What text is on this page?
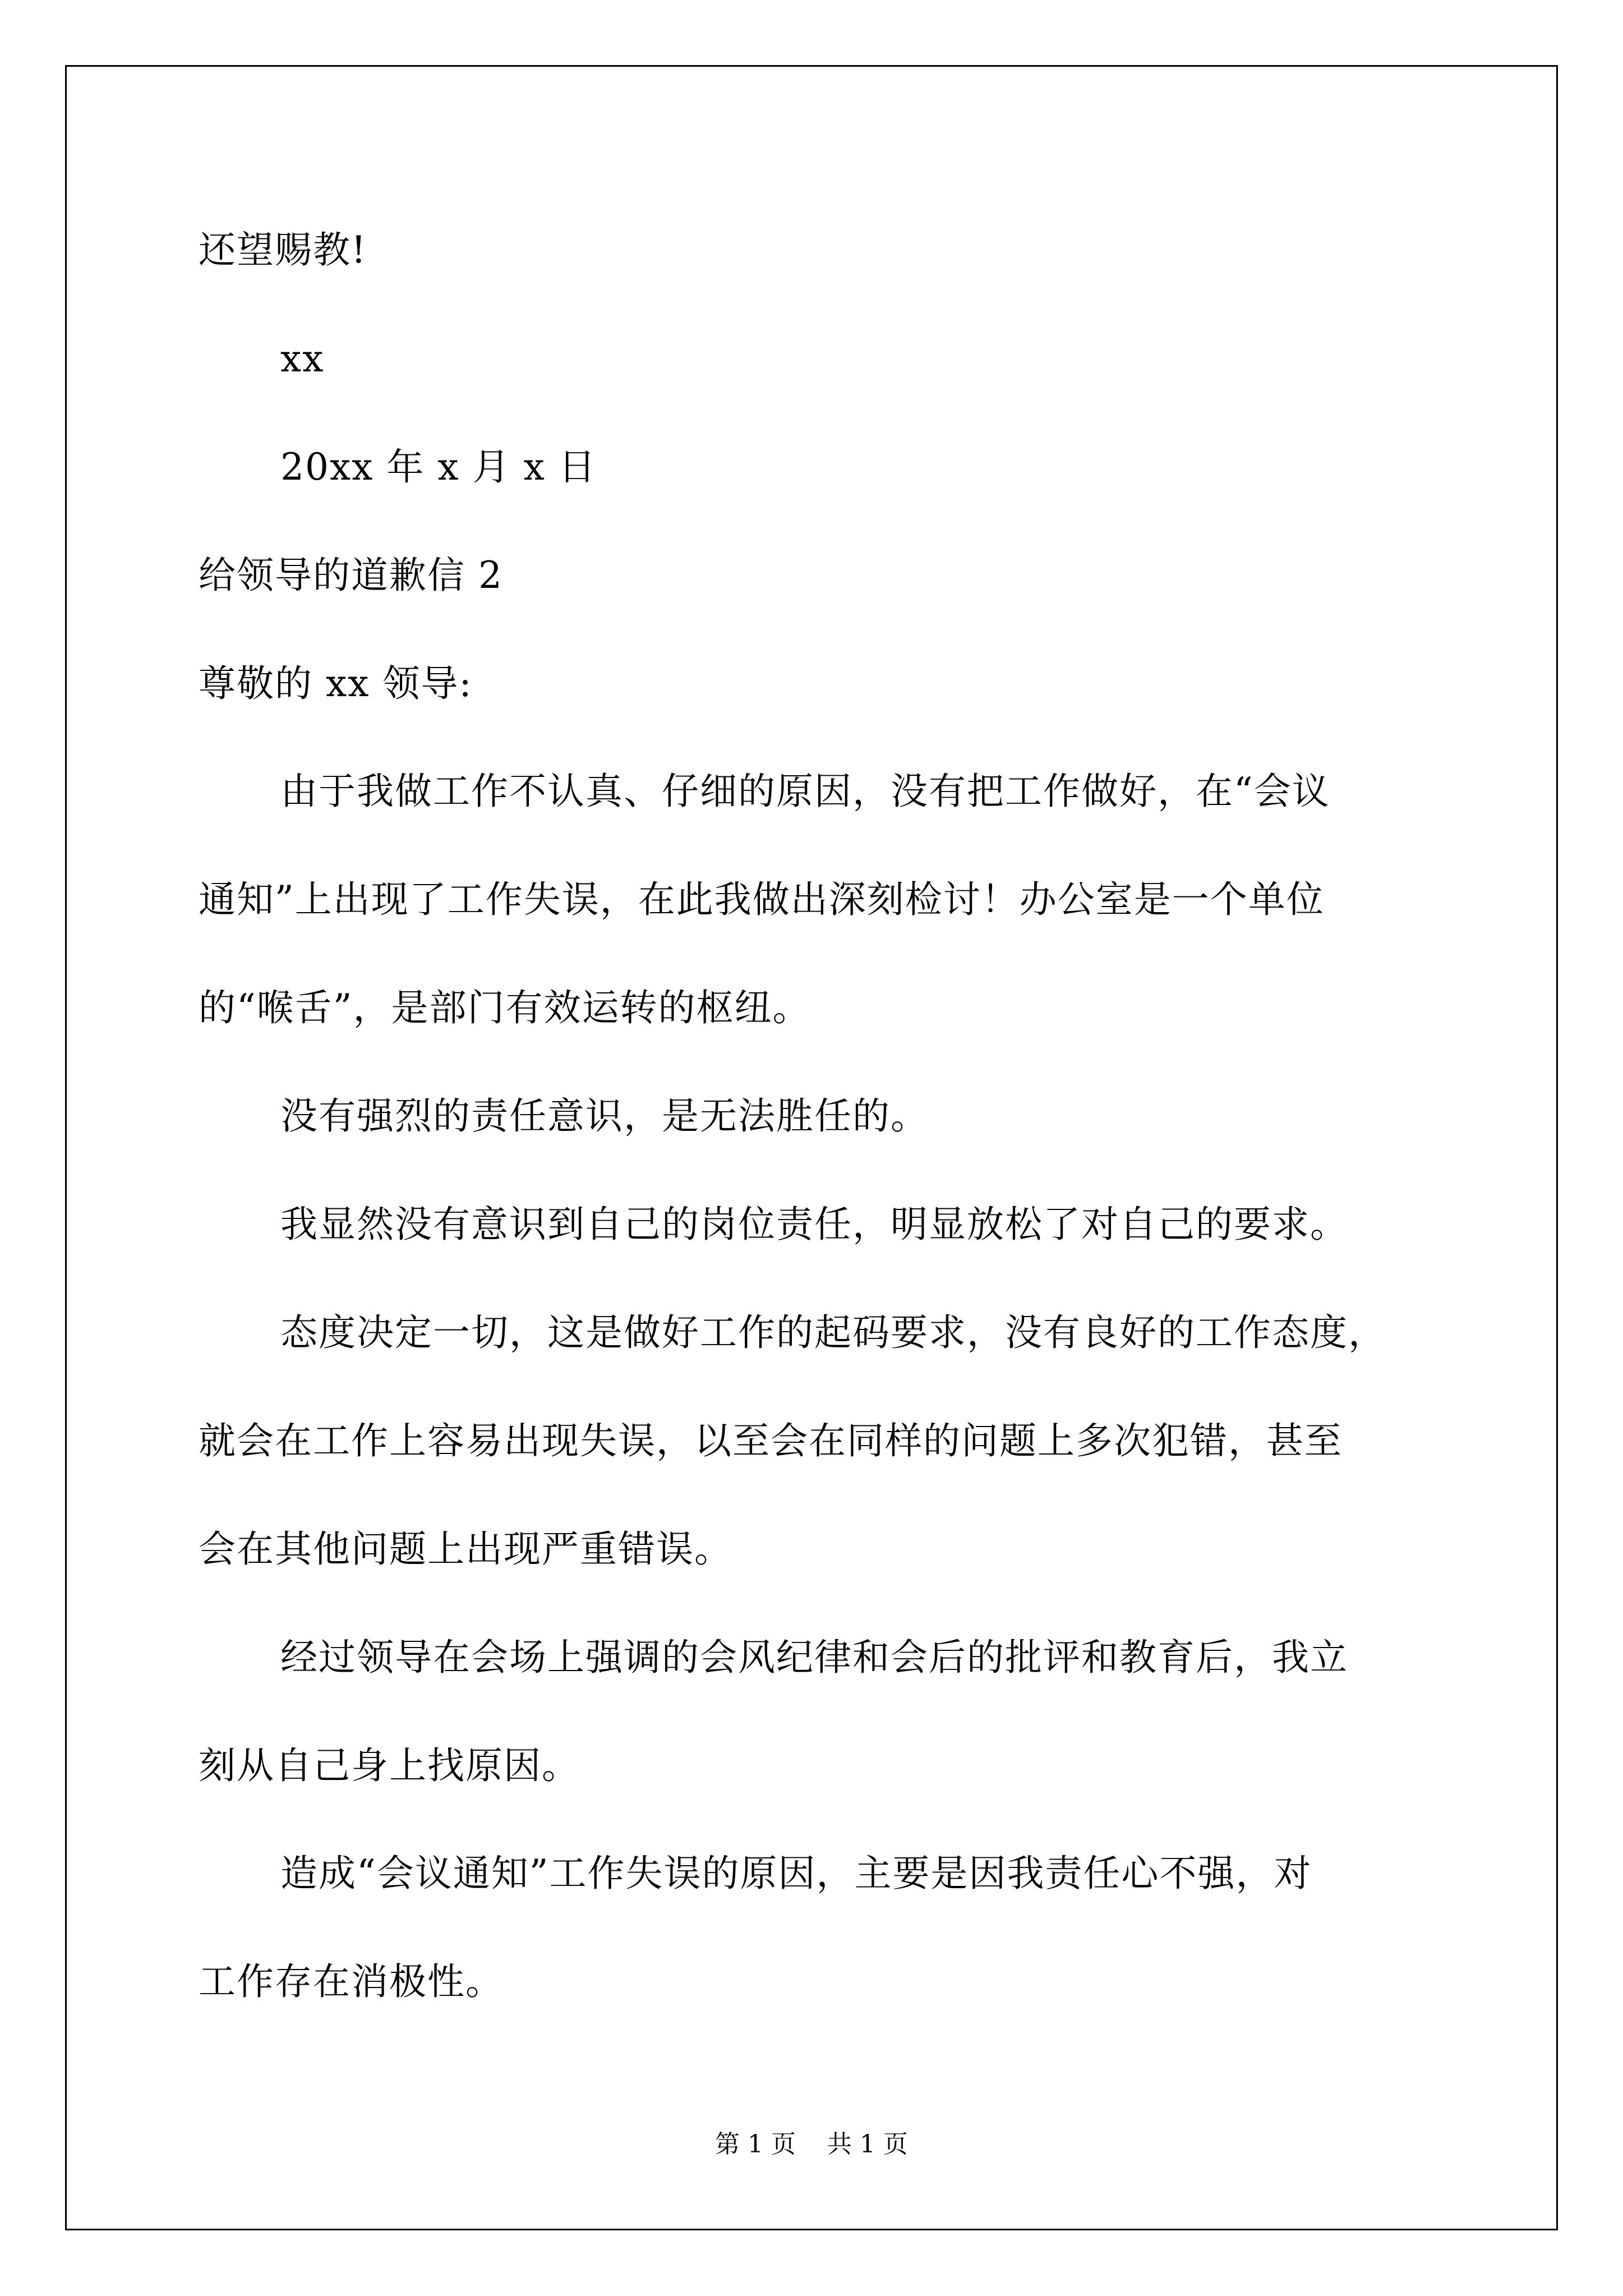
还望赐教!

xx

20xx 年 x 月 x 日

给领导的道歉信 2

尊敬的 xx 领导:

由于我做工作不认真、仔细的原因，没有把工作做好，在“会议

通知”上出现了工作失误，在此我做出深刻检讨！办公室是一个单位

的“喉舌”，是部门有效运转的枢纽。

没有强烈的责任意识，是无法胜任的。

我显然没有意识到自己的岗位责任，明显放松了对自己的要求。

态度决定一切，这是做好工作的起码要求，没有良好的工作态度，

就会在工作上容易出现失误，以至会在同样的问题上多次犯错，甚至

会在其他问题上出现严重错误。

经过领导在会场上强调的会风纪律和会后的批评和教育后，我立

刻从自己身上找原因。

造成“会议通知”工作失误的原因，主要是因我责任心不强，对

工作存在消极性。

第 1 页    共 1 页
